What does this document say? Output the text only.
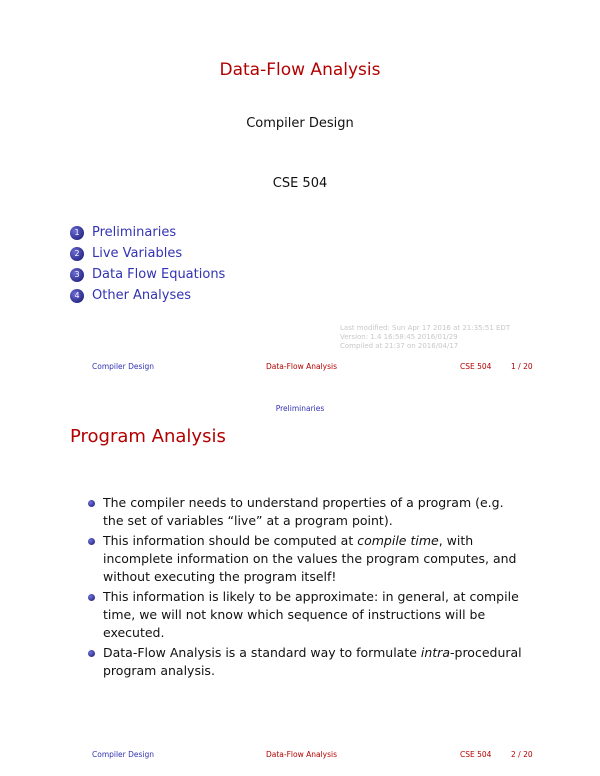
Data-Flow Analysis
Compiler Design
CSE 504
1 Preliminaries
2 Live Variables
3 Data Flow Equations
4 Other Analyses
Last modified: Sun Apr 17 2016 at 21:35:51 EDT
Version: 1.4 16:58:45 2016/01/29
Compiled at 21:37 on 2016/04/17
Compiler Design	Data-Flow Analysis	CSE 504	1 / 20
Preliminaries
Program Analysis
The compiler needs to understand properties of a program (e.g. the set of variables “live” at a program point).
This information should be computed at compile time, with incomplete information on the values the program computes, and without executing the program itself!
This information is likely to be approximate: in general, at compile time, we will not know which sequence of instructions will be executed.
Data-Flow Analysis is a standard way to formulate intra-procedural program analysis.
Compiler Design	Data-Flow Analysis	CSE 504	2 / 20
